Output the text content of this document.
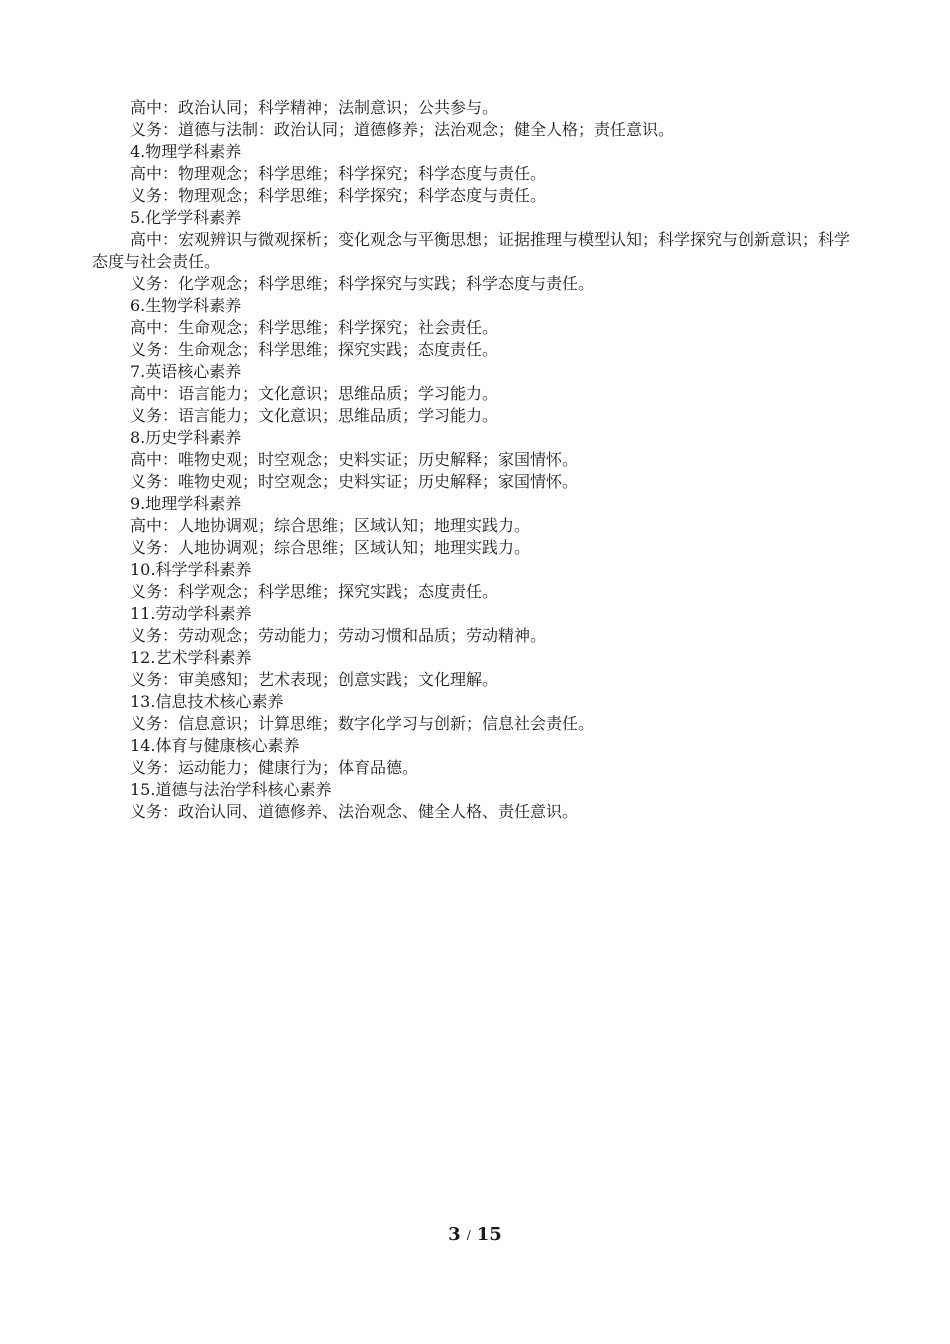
高中：政治认同；科学精神；法制意识；公共参与。

义务：道德与法制：政治认同；道德修养；法治观念；健全人格；责任意识。

4.物理学科素养

高中：物理观念；科学思维；科学探究；科学态度与责任。

义务：物理观念；科学思维；科学探究；科学态度与责任。

5.化学学科素养

高中：宏观辨识与微观探析；变化观念与平衡思想；证据推理与模型认知；科学探究与创新意识；科学态度与社会责任。

义务：化学观念；科学思维；科学探究与实践；科学态度与责任。

6.生物学科素养

高中：生命观念；科学思维；科学探究；社会责任。

义务：生命观念；科学思维；探究实践；态度责任。

7.英语核心素养

高中：语言能力；文化意识；思维品质；学习能力。

义务：语言能力；文化意识；思维品质；学习能力。

8.历史学科素养

高中：唯物史观；时空观念；史料实证；历史解释；家国情怀。

义务：唯物史观；时空观念；史料实证；历史解释；家国情怀。

9.地理学科素养

高中：人地协调观；综合思维；区域认知；地理实践力。

义务：人地协调观；综合思维；区域认知；地理实践力。

10.科学学科素养

义务：科学观念；科学思维；探究实践；态度责任。

11.劳动学科素养

义务：劳动观念；劳动能力；劳动习惯和品质；劳动精神。

12.艺术学科素养

义务：审美感知；艺术表现；创意实践；文化理解。

13.信息技术核心素养

义务：信息意识；计算思维；数字化学习与创新；信息社会责任。

14.体育与健康核心素养

义务：运动能力；健康行为；体育品德。

15.道德与法治学科核心素养

义务：政治认同、道德修养、法治观念、健全人格、责任意识。

3 / 15
